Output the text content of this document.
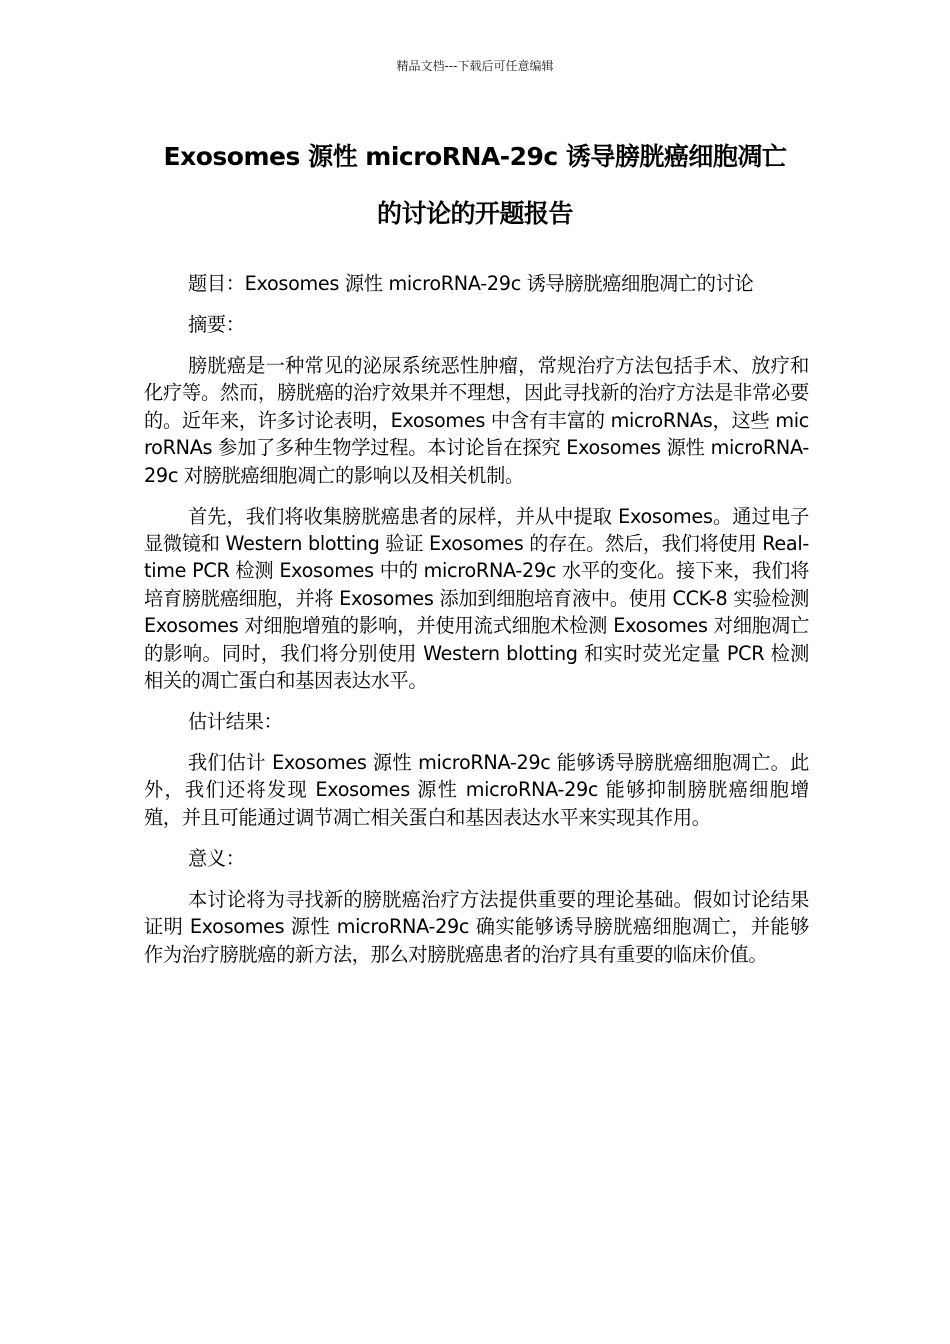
精品文档---下载后可任意编辑
Exosomes 源性 microRNA-29c 诱导膀胱癌细胞凋亡
的讨论的开题报告

题目：Exosomes 源性 microRNA-29c 诱导膀胱癌细胞凋亡的讨论

摘要：

膀胱癌是一种常见的泌尿系统恶性肿瘤，常规治疗方法包括手术、放疗和化疗等。然而，膀胱癌的治疗效果并不理想，因此寻找新的治疗方法是非常必要的。近年来，许多讨论表明，Exosomes 中含有丰富的 microRNAs，这些 microRNAs 参加了多种生物学过程。本讨论旨在探究 Exosomes 源性 microRNA-29c 对膀胱癌细胞凋亡的影响以及相关机制。

首先，我们将收集膀胱癌患者的尿样，并从中提取 Exosomes。通过电子显微镜和 Western blotting 验证 Exosomes 的存在。然后，我们将使用 Real-time PCR 检测 Exosomes 中的 microRNA-29c 水平的变化。接下来，我们将培育膀胱癌细胞，并将 Exosomes 添加到细胞培育液中。使用 CCK-8 实验检测 Exosomes 对细胞增殖的影响，并使用流式细胞术检测 Exosomes 对细胞凋亡的影响。同时，我们将分别使用 Western blotting 和实时荧光定量 PCR 检测相关的凋亡蛋白和基因表达水平。

估计结果：

我们估计 Exosomes 源性 microRNA-29c 能够诱导膀胱癌细胞凋亡。此外，我们还将发现 Exosomes 源性 microRNA-29c 能够抑制膀胱癌细胞增殖，并且可能通过调节凋亡相关蛋白和基因表达水平来实现其作用。

意义：

本讨论将为寻找新的膀胱癌治疗方法提供重要的理论基础。假如讨论结果证明 Exosomes 源性 microRNA-29c 确实能够诱导膀胱癌细胞凋亡，并能够作为治疗膀胱癌的新方法，那么对膀胱癌患者的治疗具有重要的临床价值。
